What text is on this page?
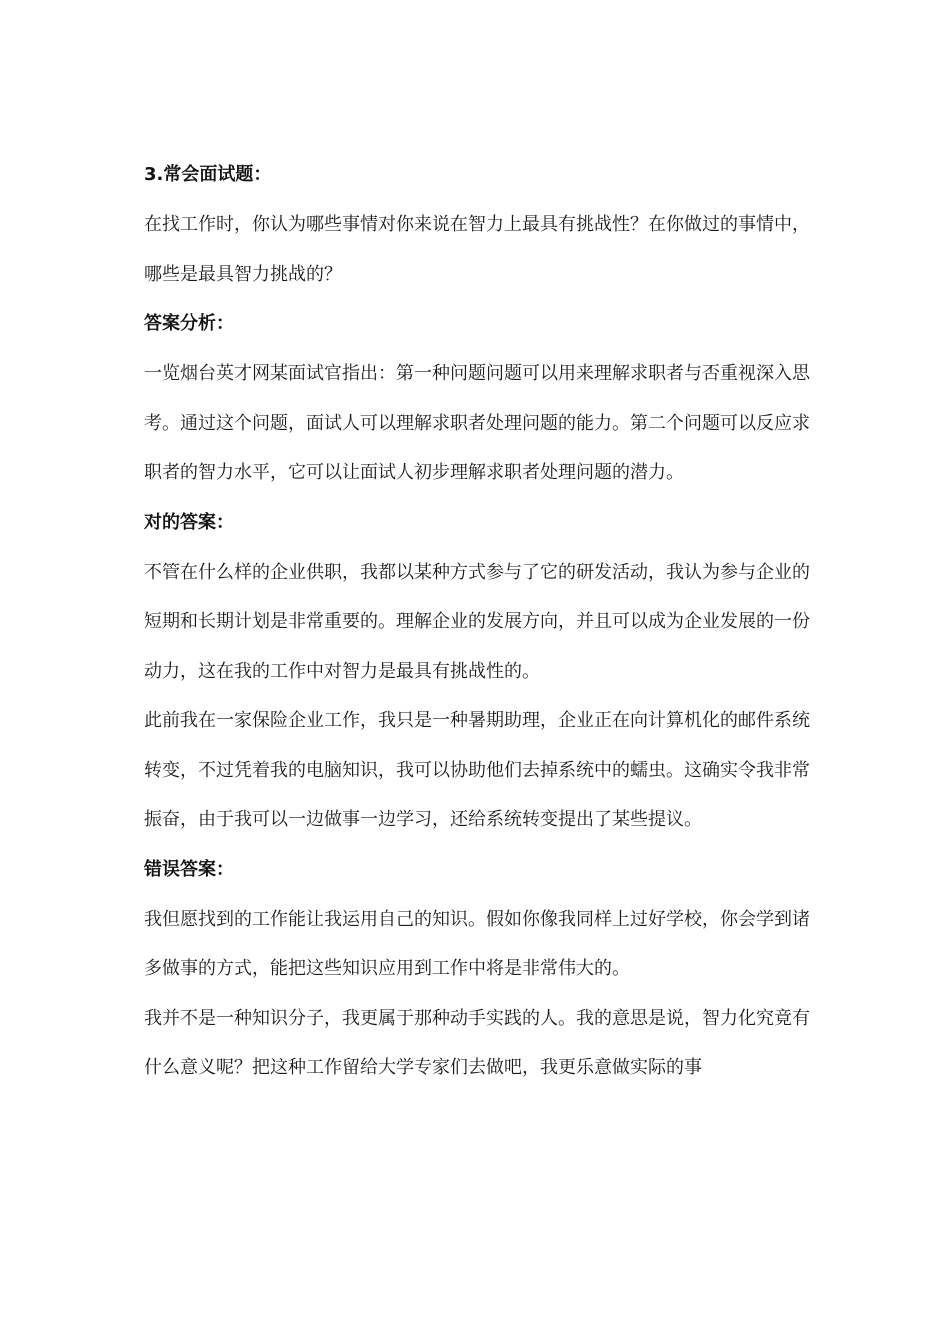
3.常会面试题：

在找工作时，你认为哪些事情对你来说在智力上最具有挑战性？在你做过的事情中，哪些是最具智力挑战的？

答案分析：

一览烟台英才网某面试官指出：第一种问题问题可以用来理解求职者与否重视深入思考。通过这个问题，面试人可以理解求职者处理问题的能力。第二个问题可以反应求职者的智力水平，它可以让面试人初步理解求职者处理问题的潜力。

对的答案：

不管在什么样的企业供职，我都以某种方式参与了它的研发活动，我认为参与企业的短期和长期计划是非常重要的。理解企业的发展方向，并且可以成为企业发展的一份动力，这在我的工作中对智力是最具有挑战性的。

此前我在一家保险企业工作，我只是一种暑期助理，企业正在向计算机化的邮件系统转变，不过凭着我的电脑知识，我可以协助他们去掉系统中的蠕虫。这确实令我非常振奋，由于我可以一边做事一边学习，还给系统转变提出了某些提议。

错误答案：

我但愿找到的工作能让我运用自己的知识。假如你像我同样上过好学校，你会学到诸多做事的方式，能把这些知识应用到工作中将是非常伟大的。

我并不是一种知识分子，我更属于那种动手实践的人。我的意思是说，智力化究竟有什么意义呢？把这种工作留给大学专家们去做吧，我更乐意做实际的事
